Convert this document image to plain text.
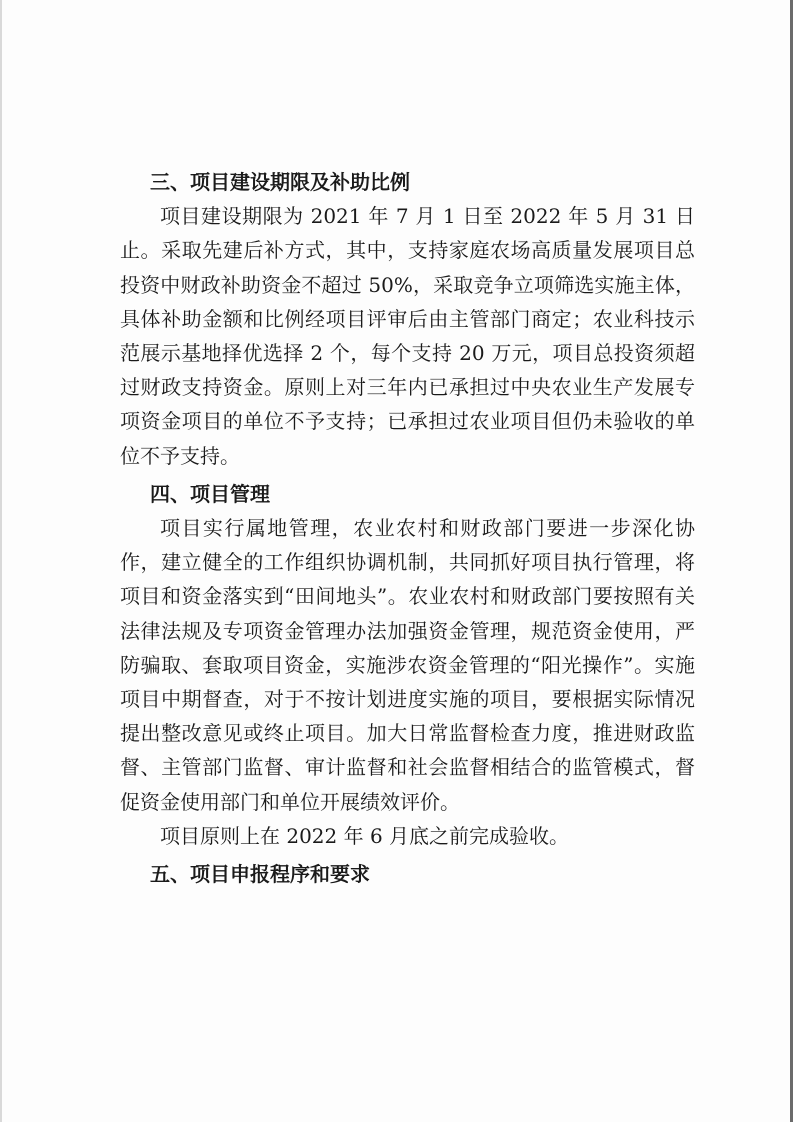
三、项目建设期限及补助比例

项目建设期限为 2021 年 7 月 1 日至 2022 年 5 月 31 日止。采取先建后补方式，其中，支持家庭农场高质量发展项目总投资中财政补助资金不超过 50%，采取竞争立项筛选实施主体，具体补助金额和比例经项目评审后由主管部门商定；农业科技示范展示基地择优选择 2 个，每个支持 20 万元，项目总投资须超过财政支持资金。原则上对三年内已承担过中央农业生产发展专项资金项目的单位不予支持；已承担过农业项目但仍未验收的单位不予支持。

四、项目管理

项目实行属地管理，农业农村和财政部门要进一步深化协作，建立健全的工作组织协调机制，共同抓好项目执行管理，将项目和资金落实到“田间地头”。农业农村和财政部门要按照有关法律法规及专项资金管理办法加强资金管理，规范资金使用，严防骗取、套取项目资金，实施涉农资金管理的“阳光操作”。实施项目中期督查，对于不按计划进度实施的项目，要根据实际情况提出整改意见或终止项目。加大日常监督检查力度，推进财政监督、主管部门监督、审计监督和社会监督相结合的监管模式，督促资金使用部门和单位开展绩效评价。

项目原则上在 2022 年 6 月底之前完成验收。

五、项目申报程序和要求
